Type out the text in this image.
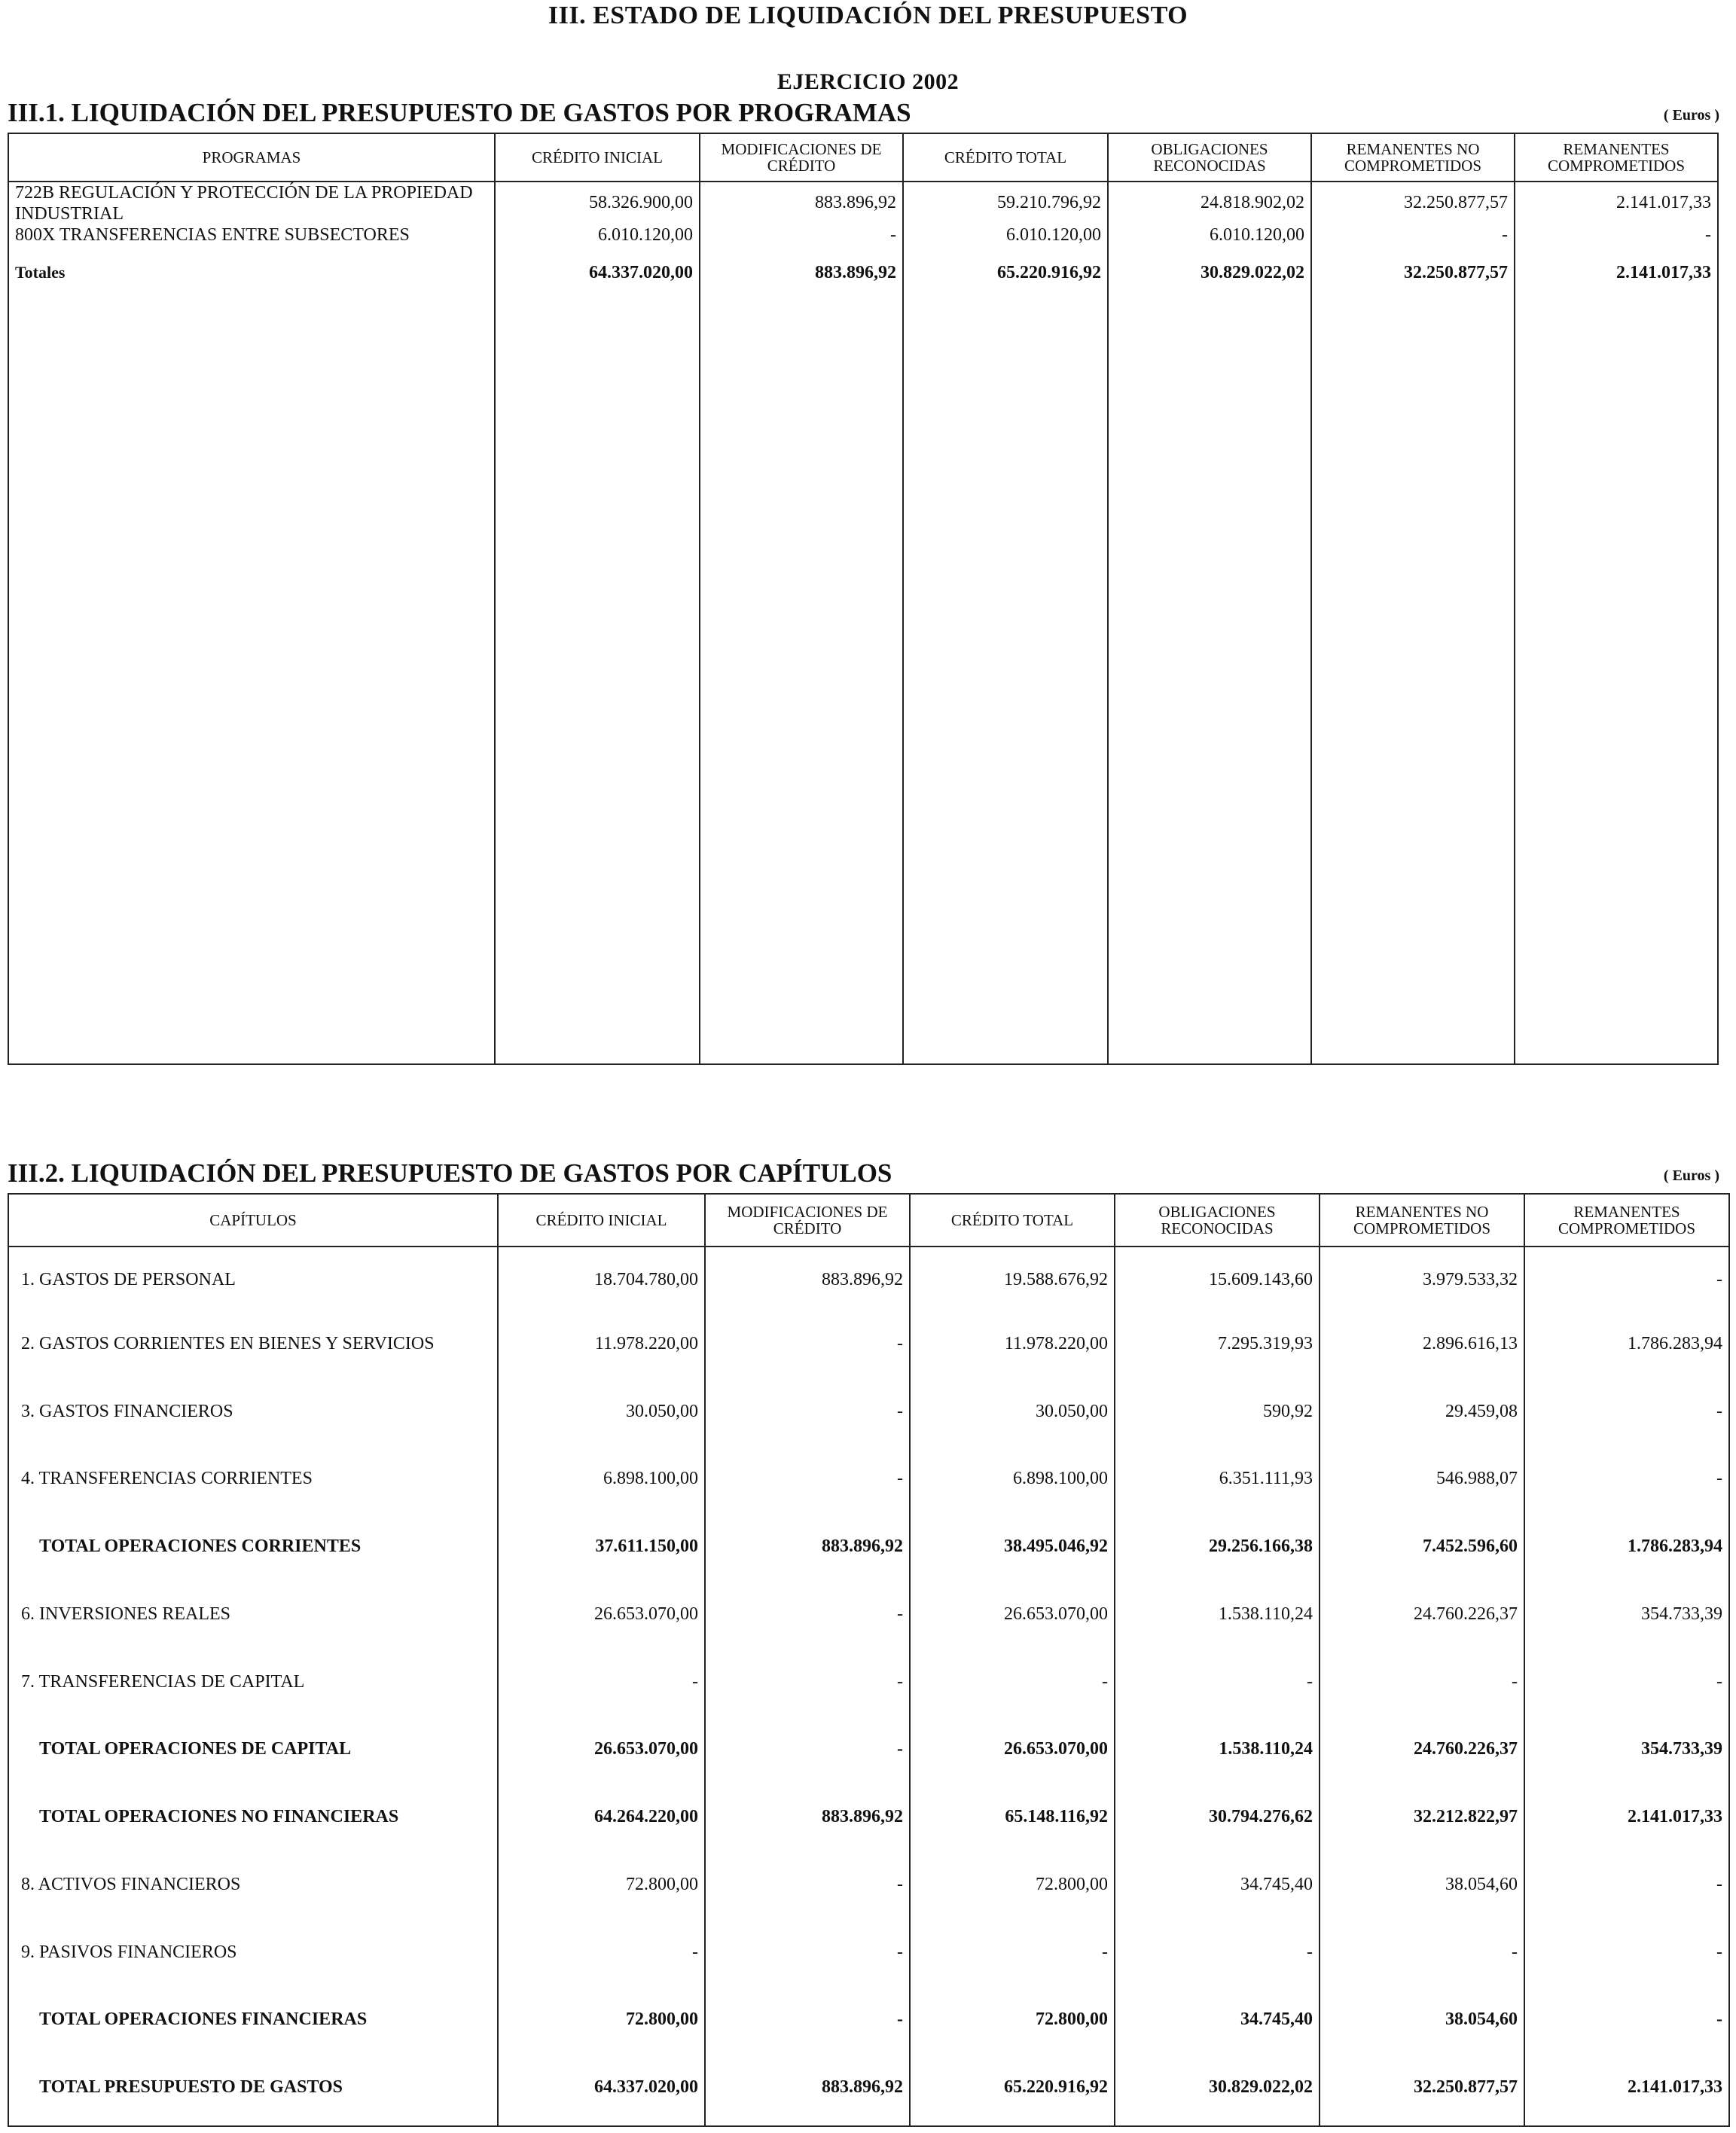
III. ESTADO DE LIQUIDACIÓN DEL PRESUPUESTO
EJERCICIO 2002
III.1. LIQUIDACIÓN DEL PRESUPUESTO DE GASTOS POR PROGRAMAS	( Euros )
PROGRAMAS	CRÉDITO INICIAL	MODIFICACIONES DE CRÉDITO	CRÉDITO TOTAL	OBLIGACIONES RECONOCIDAS	REMANENTES NO COMPROMETIDOS	REMANENTES COMPROMETIDOS
722B REGULACIÓN Y PROTECCIÓN DE LA PROPIEDAD INDUSTRIAL	58.326.900,00	883.896,92	59.210.796,92	24.818.902,02	32.250.877,57	2.141.017,33
800X TRANSFERENCIAS ENTRE SUBSECTORES	6.010.120,00	-	6.010.120,00	6.010.120,00	-	-
Totales	64.337.020,00	883.896,92	65.220.916,92	30.829.022,02	32.250.877,57	2.141.017,33

III.2. LIQUIDACIÓN DEL PRESUPUESTO DE GASTOS POR CAPÍTULOS	( Euros )
CAPÍTULOS	CRÉDITO INICIAL	MODIFICACIONES DE CRÉDITO	CRÉDITO TOTAL	OBLIGACIONES RECONOCIDAS	REMANENTES NO COMPROMETIDOS	REMANENTES COMPROMETIDOS
1. GASTOS DE PERSONAL	18.704.780,00	883.896,92	19.588.676,92	15.609.143,60	3.979.533,32	-
2. GASTOS CORRIENTES EN BIENES Y SERVICIOS	11.978.220,00	-	11.978.220,00	7.295.319,93	2.896.616,13	1.786.283,94
3. GASTOS FINANCIEROS	30.050,00	-	30.050,00	590,92	29.459,08	-
4. TRANSFERENCIAS CORRIENTES	6.898.100,00	-	6.898.100,00	6.351.111,93	546.988,07	-
TOTAL OPERACIONES CORRIENTES	37.611.150,00	883.896,92	38.495.046,92	29.256.166,38	7.452.596,60	1.786.283,94
6. INVERSIONES REALES	26.653.070,00	-	26.653.070,00	1.538.110,24	24.760.226,37	354.733,39
7. TRANSFERENCIAS DE CAPITAL	-	-	-	-	-	-
TOTAL OPERACIONES DE CAPITAL	26.653.070,00	-	26.653.070,00	1.538.110,24	24.760.226,37	354.733,39
TOTAL OPERACIONES NO FINANCIERAS	64.264.220,00	883.896,92	65.148.116,92	30.794.276,62	32.212.822,97	2.141.017,33
8. ACTIVOS FINANCIEROS	72.800,00	-	72.800,00	34.745,40	38.054,60	-
9. PASIVOS FINANCIEROS	-	-	-	-	-	-
TOTAL OPERACIONES FINANCIERAS	72.800,00	-	72.800,00	34.745,40	38.054,60	-
TOTAL PRESUPUESTO DE GASTOS	64.337.020,00	883.896,92	65.220.916,92	30.829.022,02	32.250.877,57	2.141.017,33
